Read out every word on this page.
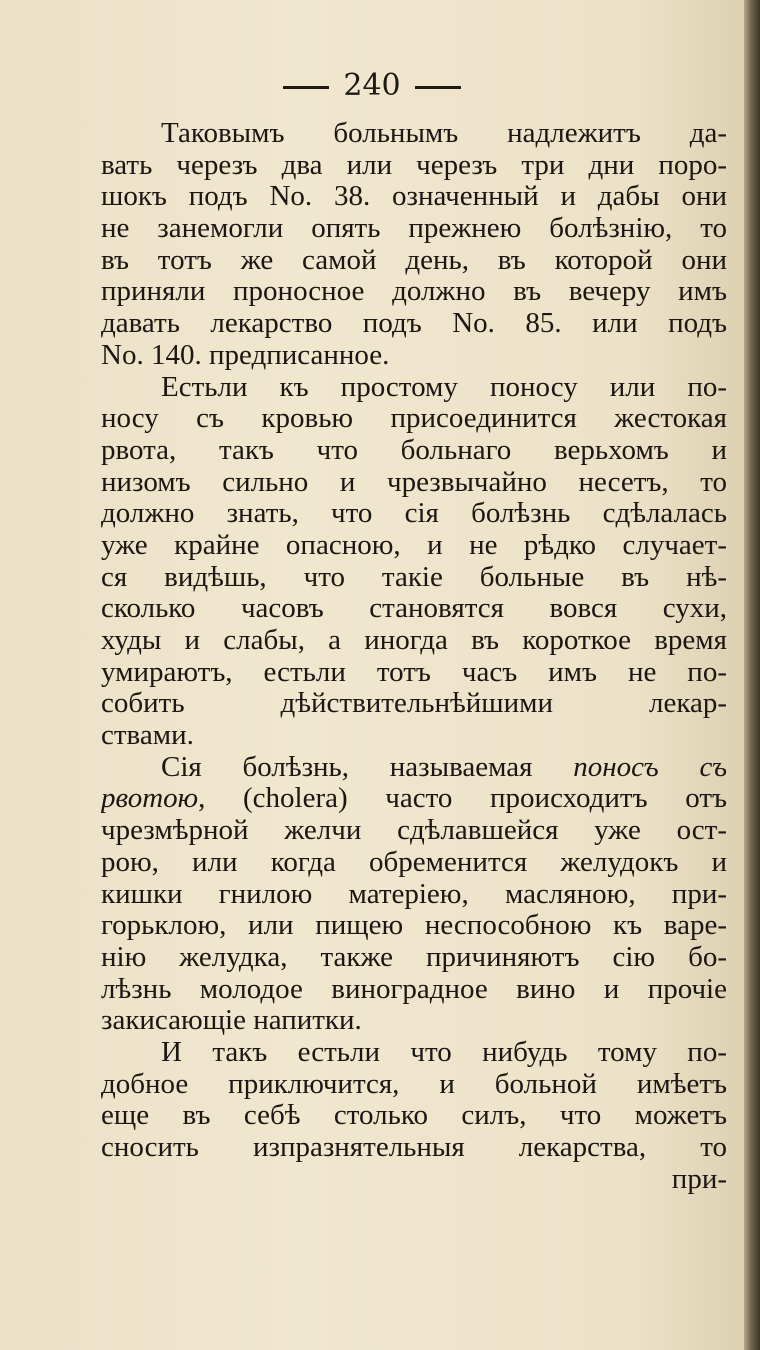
240
Таковымъ больнымъ надлежитъ да-
вать черезъ два или черезъ три дни поро-
шокъ подъ No. 38. означенный и дабы они
не занемогли опять прежнею болѣзнію, то
въ тотъ же самой день, въ которой они
приняли проносное должно въ вечеру имъ
давать лекарство подъ No. 85. или подъ
No. 140. предписанное.
Естьли къ простому поносу или по-
носу съ кровью присоединится жестокая
рвота, такъ что больнаго верьхомъ и
низомъ сильно и чрезвычайно несетъ, то
должно знать, что сія болѣзнь сдѣлалась
уже крайне опасною, и не рѣдко случает-
ся видѣшь, что такіе больные въ нѣ-
сколько часовъ становятся вовся сухи,
худы и слабы, а иногда въ короткое время
умираютъ, естьли тотъ часъ имъ не по-
собить дѣйствительнѣйшими лекар-
ствами.
Сія болѣзнь, называемая поносъ съ
рвотою, (cholera) часто происходитъ отъ
чрезмѣрной желчи сдѣлавшейся уже ост-
рою, или когда обременится желудокъ и
кишки гнилою матеріею, масляною, при-
горьклою, или пищею неспособною къ варе-
нію желудка, также причиняютъ сію бо-
лѣзнь молодое виноградное вино и прочіе
закисающіе напитки.
И такъ естьли что нибудь тому по-
добное приключится, и больной имѣетъ
еще въ себѣ столько силъ, что можетъ
сносить изпразнятельныя лекарства, то
при-
